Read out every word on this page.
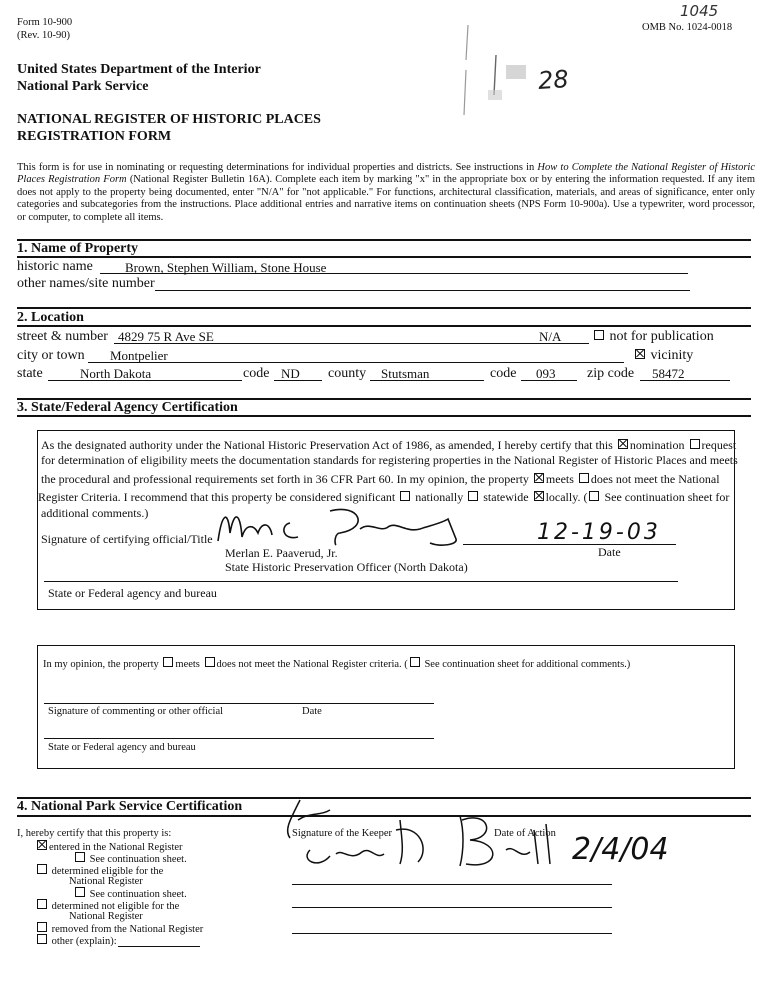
Form 10-900
(Rev. 10-90)
OMB No. 1024-0018
1045
28
United States Department of the Interior
National Park Service
NATIONAL REGISTER OF HISTORIC PLACES
REGISTRATION FORM
This form is for use in nominating or requesting determinations for individual properties and districts. See instructions in How to Complete the National Register of Historic Places Registration Form (National Register Bulletin 16A). Complete each item by marking "x" in the appropriate box or by entering the information requested. If any item does not apply to the property being documented, enter "N/A" for "not applicable." For functions, architectural classification, materials, and areas of significance, enter only categories and subcategories from the instructions. Place additional entries and narrative items on continuation sheets (NPS Form 10-900a). Use a typewriter, word processor, or computer, to complete all items.
1. Name of Property
historic name Brown, Stephen William, Stone House
other names/site number
2. Location
street & number 4829 75 R Ave SE	N/A	not for publication
city or town Montpelier	vicinity
state	North Dakota	code ND county Stutsman	code 093 zip code 58472
3. State/Federal Agency Certification
As the designated authority under the National Historic Preservation Act of 1986, as amended, I hereby certify that this nomination request
for determination of eligibility meets the documentation standards for registering properties in the National Register of Historic Places and meets
the procedural and professional requirements set forth in 36 CFR Part 60. In my opinion, the property meets does not meet the National
Register Criteria. I recommend that this property be considered significant nationally statewide locally. ( See continuation sheet for
additional comments.)
Signature of certifying official/Title	12-19-03
Merlan E. Paaverud, Jr.	Date
State Historic Preservation Officer (North Dakota)
State or Federal agency and bureau
In my opinion, the property meets does not meet the National Register criteria. ( See continuation sheet for additional comments.)
Signature of commenting or other official	Date
State or Federal agency and bureau
4. National Park Service Certification
I, hereby certify that this property is:	Signature of the Keeper	Date of Action 2/4/04
entered in the National Register
See continuation sheet.
determined eligible for the
National Register
See continuation sheet.
determined not eligible for the
National Register
removed from the National Register
other (explain):
